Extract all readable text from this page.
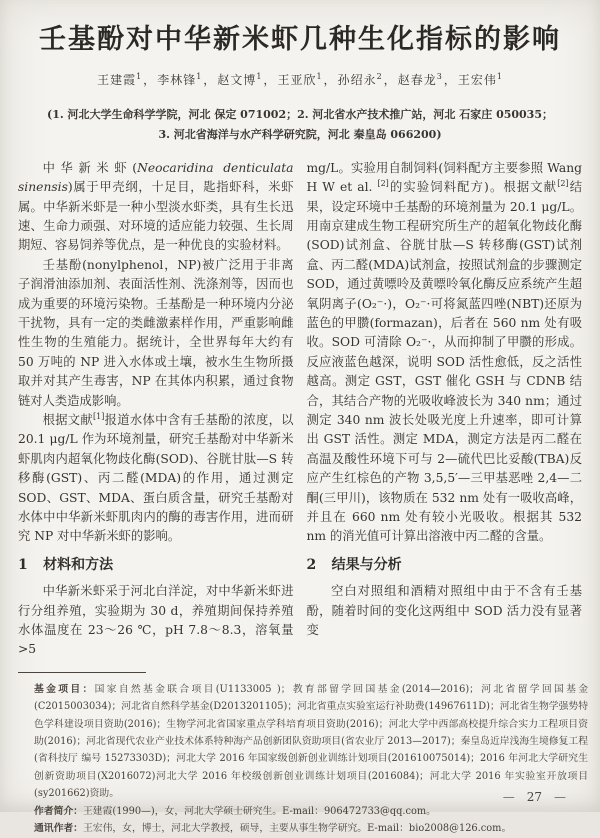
壬基酚对中华新米虾几种生化指标的影响
王建霞$^1$，李林锋$^1$，赵文博$^1$，王亚欣$^1$，孙绍永$^2$，赵春龙$^3$，王宏伟$^1$
(1. 河北大学生命科学学院，河北 保定 071002；2. 河北省水产技术推广站，河北 石家庄 050035；
3. 河北省海洋与水产科学研究院，河北 秦皇岛 066200)

中华新米虾(Neocaridina denticulata sinensis)属于甲壳纲，十足目，匙指虾科，米虾属。中华新米虾是一种小型淡水虾类，具有生长迅速、生命力顽强、对环境的适应能力较强、生长周期短、容易饲养等优点，是一种优良的实验材料。

壬基酚(nonylphenol，NP)被广泛用于非离子润滑油添加剂、表面活性剂、洗涤剂等，因而也成为重要的环境污染物。壬基酚是一种环境内分泌干扰物，具有一定的类雌激素样作用，严重影响雌性生物的生殖能力。据统计，全世界每年大约有 50 万吨的 NP 进入水体或土壤，被水生生物所摄取并对其产生毒害，NP 在其体内积累，通过食物链对人类造成影响。

根据文献[1]报道水体中含有壬基酚的浓度，以 20.1 μg/L 作为环境剂量，研究壬基酚对中华新米虾肌肉内超氧化物歧化酶(SOD)、谷胱甘肽—S 转移酶(GST)、丙二醛(MDA)的作用，通过测定 SOD、GST、MDA、蛋白质含量，研究壬基酚对水体中中华新米虾肌肉内的酶的毒害作用，进而研究 NP 对中华新米虾的影响。

1 材料和方法

中华新米虾采于河北白洋淀，对中华新米虾进行分组养殖，实验期为 30 d，养殖期间保持养殖水体温度在 23～26 ℃，pH 7.8～8.3，溶氧量>5

mg/L。实验用自制饲料(饲料配方主要参照 Wang H W et al. [2]的实验饲料配方)。根据文献[2]结果，设定环境中壬基酚的环境剂量为 20.1 μg/L。用南京建成生物工程研究所生产的超氧化物歧化酶(SOD)试剂盒、谷胱甘肽—S 转移酶(GST)试剂盒、丙二醛(MDA)试剂盒，按照试剂盒的步骤测定 SOD，通过黄嘌呤及黄嘌呤氧化酶反应系统产生超氧阴离子(O₂⁻·)，O₂⁻·可将氮蓝四唑(NBT)还原为蓝色的甲臜(formazan)，后者在 560 nm 处有吸收。SOD 可清除 O₂⁻·，从而抑制了甲臜的形成。反应液蓝色越深，说明 SOD 活性愈低，反之活性越高。测定 GST，GST 催化 GSH 与 CDNB 结合，其结合产物的光吸收峰波长为 340 nm；通过测定 340 nm 波长处吸光度上升速率，即可计算出 GST 活性。测定 MDA，测定方法是丙二醛在高温及酸性环境下可与 2—硫代巴比妥酸(TBA)反应产生红棕色的产物 3,5,5′—三甲基恶唑 2,4—二酮(三甲川)，该物质在 532 nm 处有一吸收高峰，并且在 660 nm 处有较小光吸收。根据其 532 nm 的消光值可计算出溶液中丙二醛的含量。

2 结果与分析

空白对照组和酒精对照组中由于不含有壬基酚，随着时间的变化这两组中 SOD 活力没有显著变

基金项目：国家自然基金联合项目(U1133005 )；教育部留学回国基金(2014—2016)；河北省留学回国基金(C2015003034)；河北省自然科学基金(D2013201105)；河北省重点实验室运行补助费(14967611D)；河北省生物学强势特色学科建设项目资助(2016)；生物学河北省国家重点学科培育项目资助(2016)；河北大学中西部高校提升综合实力工程项目资助(2016)；河北省现代农业产业技术体系特种海产品创新团队资助项目(省农业厅 2013—2017)；秦皇岛近岸浅海生境修复工程(省科技厅 编号 15273303D)；河北大学 2016 年国家级创新创业训练计划项目(201610075014)；2016 年河北大学研究生创新资助项目(X2016072)河北大学 2016 年校级创新创业训练计划项目(2016084)；河北大学 2016 年实验室开放项目(sy201662)资助。
作者简介：王建霞(1990—)，女，河北大学硕士研究生。E-mail：906472733@qq.com。
通讯作者：王宏伟，女，博士，河北大学教授，硕导，主要从事生物学研究。E-mail：bio2008@126.com。
— 27 —
